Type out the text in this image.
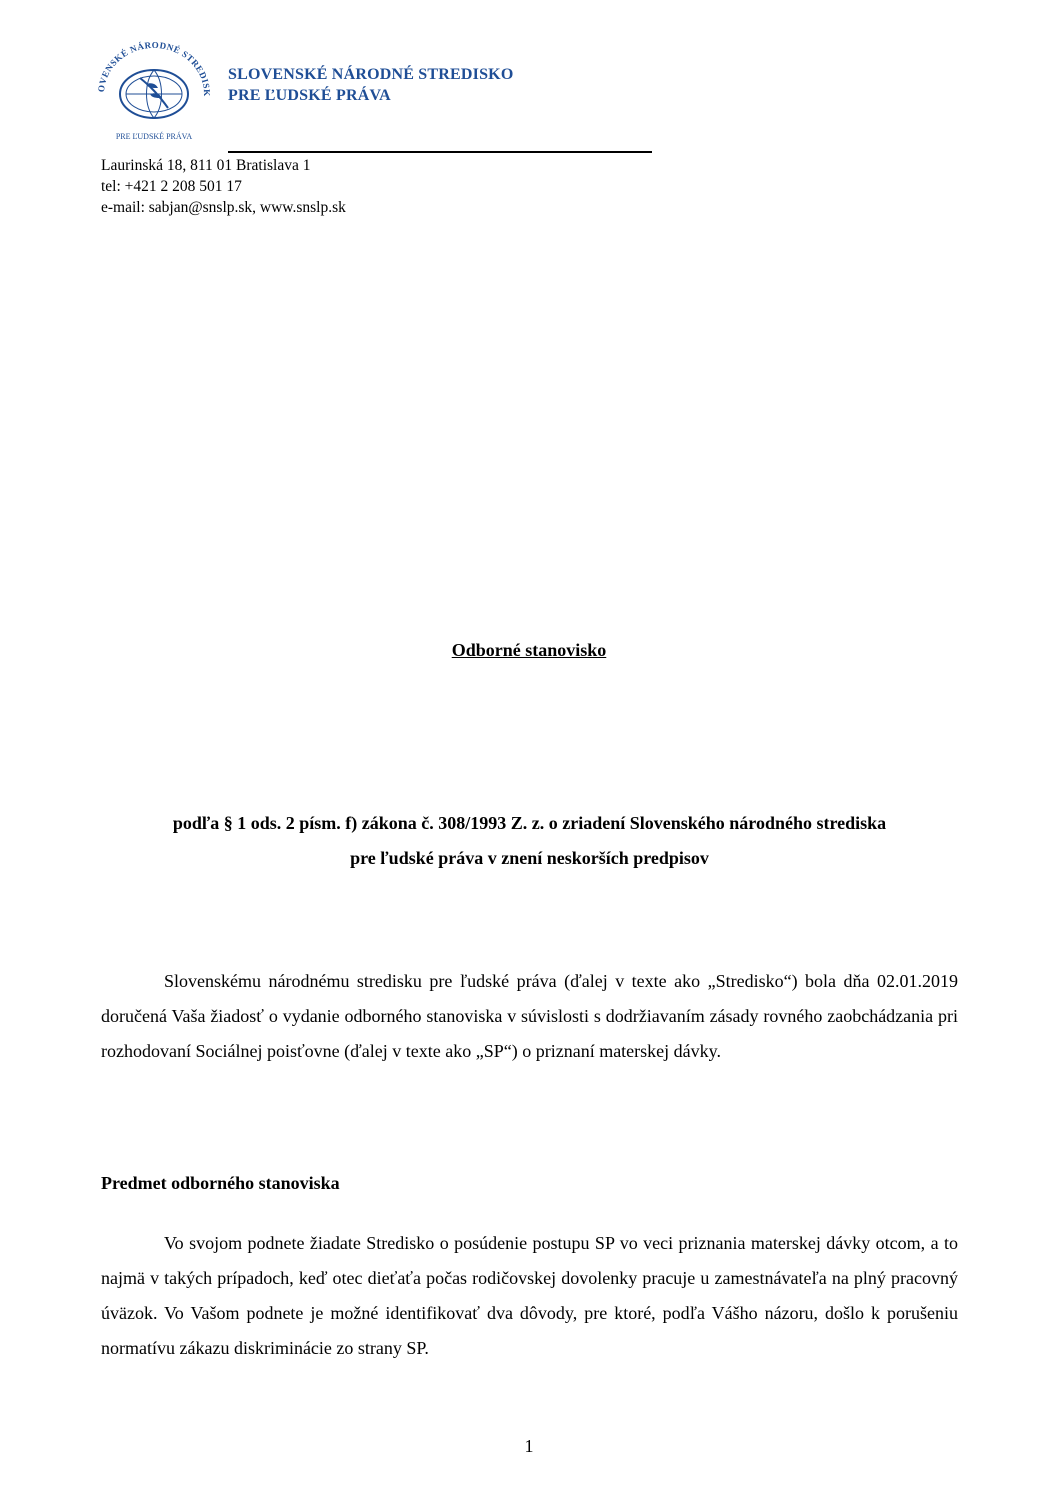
OVENSKÉ NÁRODNÉ STREDISK
PRE ĽUDSKÉ PRÁVA
SLOVENSKÉ NÁRODNÉ STREDISKO
PRE ĽUDSKÉ PRÁVA
Laurinská 18, 811 01 Bratislava 1
tel: +421 2 208 501 17
e-mail: sabjan@snslp.sk, www.snslp.sk
Odborné stanovisko
podľa § 1 ods. 2 písm. f) zákona č. 308/1993 Z. z. o zriadení Slovenského národného strediska
pre ľudské práva v znení neskorších predpisov
Slovenskému národnému stredisku pre ľudské práva (ďalej v texte ako „Stredisko“) bola dňa 02.01.2019 doručená Vaša žiadosť o vydanie odborného stanoviska v súvislosti s dodržiavaním zásady rovného zaobchádzania pri rozhodovaní Sociálnej poisťovne (ďalej v texte ako „SP“) o priznaní materskej dávky.
Predmet odborného stanoviska
Vo svojom podnete žiadate Stredisko o posúdenie postupu SP vo veci priznania materskej dávky otcom, a to najmä v takých prípadoch, keď otec dieťaťa počas rodičovskej dovolenky pracuje u zamestnávateľa na plný pracovný úväzok. Vo Vašom podnete je možné identifikovať dva dôvody, pre ktoré, podľa Vášho názoru, došlo k porušeniu normatívu zákazu diskriminácie zo strany SP.
1
